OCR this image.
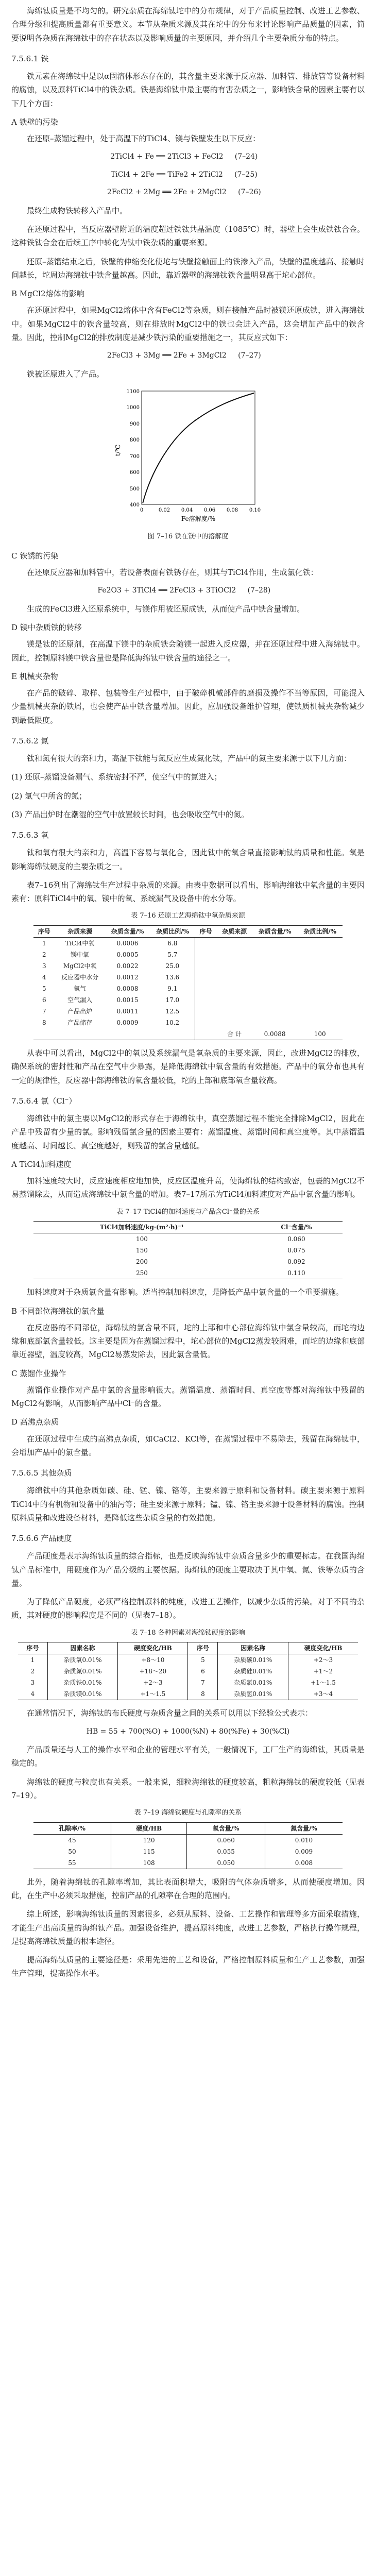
海绵钛质量是不均匀的。研究杂质在海绵钛坨中的分布规律，对于产品质量控制、改进工艺参数、合理分级和提高质量都有重要意义。本节从杂质来源及其在坨中的分布来讨论影响产品质量的因素，简要说明各杂质在海绵钛中的存在状态以及影响质量的主要原因，并介绍几个主要杂质分布的特点。

7.5.6.1 铁

铁元素在海绵钛中是以α固溶体形态存在的，其含量主要来源于反应器、加料管、排放管等设备材料的腐蚀，以及原料TiCl4中的铁杂质。铁是海绵钛中最主要的有害杂质之一，影响铁含量的因素主要有以下几个方面：

A 铁壁的污染

在还原–蒸馏过程中，处于高温下的TiCl4、镁与铁壁发生以下反应：

2TiCl4 + Fe ══ 2TiCl3 + FeCl2 (7–24)
TiCl4 + 2Fe ══ TiFe2 + 2TiCl2 (7–25)
2FeCl2 + 2Mg ══ 2Fe + 2MgCl2 (7–26)

最终生成物铁转移入产品中。

在还原过程中，当反应器壁附近的温度超过铁钛共晶温度（1085℃）时，器壁上会生成铁钛合金。这种铁钛合金在后续工序中转化为钛中铁杂质的重要来源。

还原–蒸馏结束之后，铁壁的伸缩变化使坨与铁壁接触面上的铁渗入产品，铁壁的温度越高、接触时间越长，坨周边海绵钛中铁含量越高。因此，靠近器壁的海绵钛铁含量明显高于坨心部位。

B MgCl2熔体的影响

在还原过程中，如果MgCl2熔体中含有FeCl2等杂质，则在接触产品时被镁还原成铁，进入海绵钛中。如果MgCl2中的铁含量较高，则在排放时MgCl2中的铁也会进入产品，这会增加产品中的铁含量。因此，控制MgCl2的排放制度是减少铁污染的重要措施之一，其反应式如下：

2FeCl3 + 3Mg ══ 2Fe + 3MgCl2 (7–27)

铁被还原进入了产品。

t/℃
Fe溶解度/%
1100
1000
900
800
700
600
500
400
0	0.02 0.04 0.06 0.08 0.10
图 7–16 铁在镁中的溶解度
C 铁锈的污染

在还原反应器和加料管中，若设备表面有铁锈存在，则其与TiCl4作用，生成氯化铁：

Fe2O3 + 3TiCl4 ══ 2FeCl3 + 3TiOCl2 (7–28)

生成的FeCl3进入还原系统中，与镁作用被还原成铁，从而使产品中铁含量增加。

D 镁中杂质铁的转移

镁是钛的还原剂，在高温下镁中的杂质铁会随镁一起进入反应器，并在还原过程中进入海绵钛中。因此，控制原料镁中铁含量也是降低海绵钛中铁含量的途径之一。

E 机械夹杂物

在产品的破碎、取样、包装等生产过程中，由于破碎机械部件的磨损及操作不当等原因，可能混入少量机械夹杂的铁屑，也会使产品中铁含量增加。因此，应加强设备维护管理，使铁质机械夹杂物减少到最低限度。

7.5.6.2 氮

钛和氮有很大的亲和力，高温下钛能与氮反应生成氮化钛，产品中的氮主要来源于以下几方面：

(1) 还原–蒸馏设备漏气、系统密封不严，使空气中的氮进入；

(2) 氩气中所含的氮；

(3) 产品出炉时在潮湿的空气中放置较长时间，也会吸收空气中的氮。

7.5.6.3 氧

钛和氧有很大的亲和力，高温下容易与氧化合，因此钛中的氧含量直接影响钛的质量和性能。氧是影响海绵钛硬度的主要杂质之一。

表7–16列出了海绵钛生产过程中杂质的来源。由表中数据可以看出，影响海绵钛中氧含量的主要因素有：原料TiCl4中的氧、镁中的氧、系统漏气及设备中的水分等。

表 7–16 还原工艺海绵钛中氧杂质来源
序号	杂质来源	杂质含量/%	杂质比例/%	序号	杂质来源	杂质含量/%	杂质比例/%
1	TiCl4中氧	0.0006	6.8				
2	镁中氧	0.0005	5.7				
3	MgCl2中氧	0.0022	25.0				
4	反应器中水分	0.0012	13.6				
5	氩气	0.0008	9.1				
6	空气漏入	0.0015	17.0				
7	产品出炉	0.0011	12.5				
8	产品储存	0.0009	10.2				
					合 计	0.0088	100

从表中可以看出，MgCl2中的氧以及系统漏气是氧杂质的主要来源，因此，改进MgCl2的排放，确保系统的密封性和产品在空气中少暴露，是降低海绵钛中氧含量的有效措施。产品中的氧分布也具有一定的规律性，反应器中部海绵钛的氧含量较低，坨的上部和底部氧含量较高。

7.5.6.4 氯（Cl⁻）

海绵钛中的氯主要以MgCl2的形式存在于海绵钛中，真空蒸馏过程不能完全排除MgCl2，因此在产品中残留有少量的氯。影响残留氯含量的因素主要有：蒸馏温度、蒸馏时间和真空度等。其中蒸馏温度越高、时间越长、真空度越好，则残留的氯含量越低。

A TiCl4加料速度

加料速度较大时，反应速度相应地加快，反应区温度升高，使海绵钛的结构致密，包裹的MgCl2不易蒸馏除去，从而造成海绵钛中氯含量的增加。表7–17所示为TiCl4加料速度对产品中氯含量的影响。

表 7–17 TiCl4的加料速度与产品含Cl⁻量的关系
TiCl4加料速度/kg·(m²·h)⁻¹	Cl⁻含量/%
100	0.060
150	0.075
200	0.092
250	0.110

加料速度对于杂质氯含量有影响。适当控制加料速度，是降低产品中氯含量的一个重要措施。

B 不同部位海绵钛的氯含量

在反应器的不同部位，海绵钛的氯含量不同，坨的上部和中心部位海绵钛中氯含量较高，而坨的边缘和底部氯含量较低。这主要是因为在蒸馏过程中，坨心部位的MgCl2蒸发较困难，而坨的边缘和底部靠近器壁，温度较高，MgCl2易蒸发除去，因此氯含量低。

C 蒸馏作业操作

蒸馏作业操作对产品中氯的含量影响很大。蒸馏温度、蒸馏时间、真空度等都对海绵钛中残留的MgCl2有影响，从而影响产品中Cl⁻的含量。

D 高沸点杂质

在还原过程中生成的高沸点杂质，如CaCl2、KCl等，在蒸馏过程中不易除去，残留在海绵钛中，会增加产品中的氯含量。

7.5.6.5 其他杂质

海绵钛中的其他杂质如碳、硅、锰、镍、铬等，主要来源于原料和设备材料。碳主要来源于原料TiCl4中的有机物和设备中的油污等；硅主要来源于原料；锰、镍、铬主要来源于设备材料的腐蚀。控制原料质量和改进设备材料，是降低这些杂质含量的有效措施。

7.5.6.6 产品硬度

产品硬度是表示海绵钛质量的综合指标，也是反映海绵钛中杂质含量多少的重要标志。在我国海绵钛产品标准中，用硬度作为产品分级的主要依据。海绵钛的硬度主要取决于其中氧、氮、铁等杂质的含量。

为了降低产品硬度，必须严格控制原料的纯度，改进工艺操作，以减少杂质的污染。对于不同的杂质，其对硬度的影响程度是不同的（见表7–18）。

表 7–18 各种因素对海绵钛硬度的影响
序号	因素名称	硬度变化/HB	序号	因素名称	硬度变化/HB
1	杂质氧0.01%	+8～10	5	杂质碳0.01%	+2～3
2	杂质氮0.01%	+18～20	6	杂质硅0.01%	+1～2
3	杂质铁0.01%	+2～3	7	杂质氯0.01%	+1～1.5
4	杂质镁0.01%	+1～1.5	8	杂质氢0.01%	+3～4

在通常情况下，海绵钛的布氏硬度与杂质含量之间的关系可以用以下经验公式表示：

HB = 55 + 700(%O) + 1000(%N) + 80(%Fe) + 30(%Cl)

产品质量还与人工的操作水平和企业的管理水平有关，一般情况下，工厂生产的海绵钛，其质量是稳定的。

海绵钛的硬度与粒度也有关系。一般来说，细粒海绵钛的硬度较高，粗粒海绵钛的硬度较低（见表7–19）。

表 7–19 海绵钛硬度与孔隙率的关系
孔隙率/%	硬度/HB	氧含量/%	氮含量/%
45	120	0.060	0.010
50	115	0.055	0.009
55	108	0.050	0.008

此外，随着海绵钛的孔隙率增加，其比表面积增大，吸附的气体杂质增多，从而使硬度增加。因此，在生产中必须采取措施，控制产品的孔隙率在合理的范围内。

综上所述，影响海绵钛质量的因素很多，必须从原料、设备、工艺操作和管理等多方面采取措施，才能生产出高质量的海绵钛产品。加强设备维护，提高原料纯度，改进工艺参数，严格执行操作规程，是提高海绵钛质量的根本途径。

提高海绵钛质量的主要途径是：采用先进的工艺和设备，严格控制原料质量和生产工艺参数，加强生产管理，提高操作水平。
